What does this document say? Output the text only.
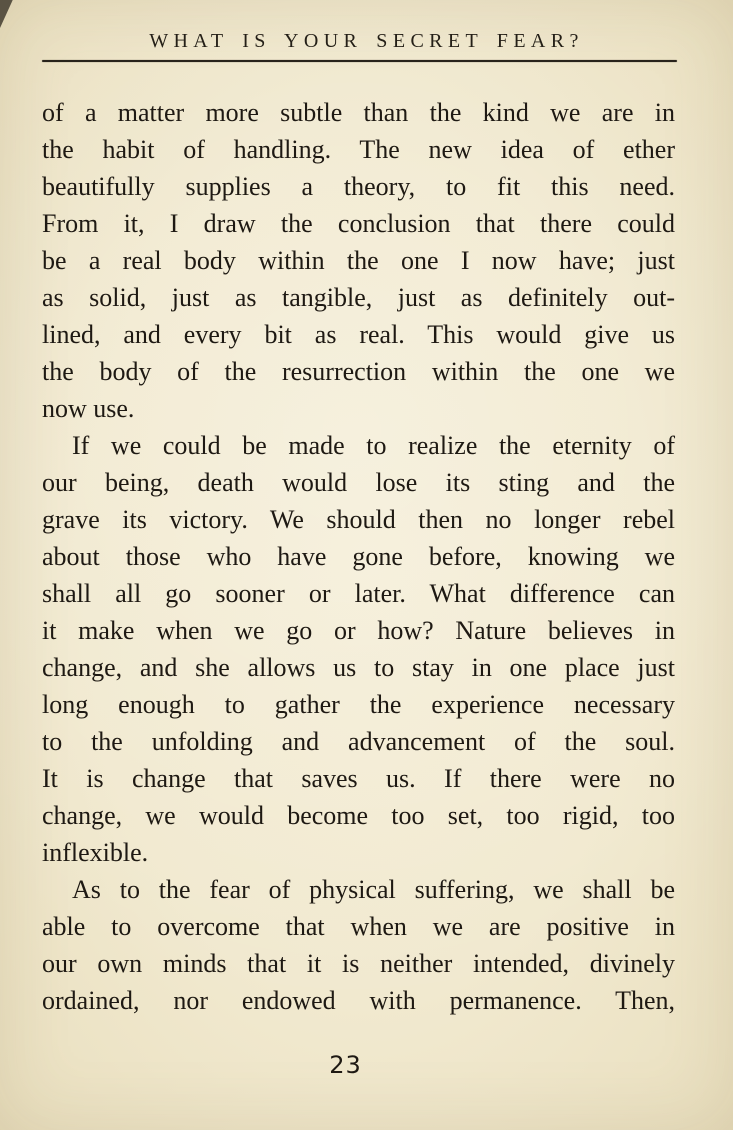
WHAT IS YOUR SECRET FEAR?
of a matter more subtle than the kind we are in
the habit of handling. The new idea of ether
beautifully supplies a theory, to fit this need.
From it, I draw the conclusion that there could
be a real body within the one I now have; just
as solid, just as tangible, just as definitely out-
lined, and every bit as real. This would give us
the body of the resurrection within the one we
now use.
If we could be made to realize the eternity of
our being, death would lose its sting and the
grave its victory. We should then no longer rebel
about those who have gone before, knowing we
shall all go sooner or later. What difference can
it make when we go or how? Nature believes in
change, and she allows us to stay in one place just
long enough to gather the experience necessary
to the unfolding and advancement of the soul.
It is change that saves us. If there were no
change, we would become too set, too rigid, too
inflexible.
As to the fear of physical suffering, we shall be
able to overcome that when we are positive in
our own minds that it is neither intended, divinely
ordained, nor endowed with permanence. Then,
23
